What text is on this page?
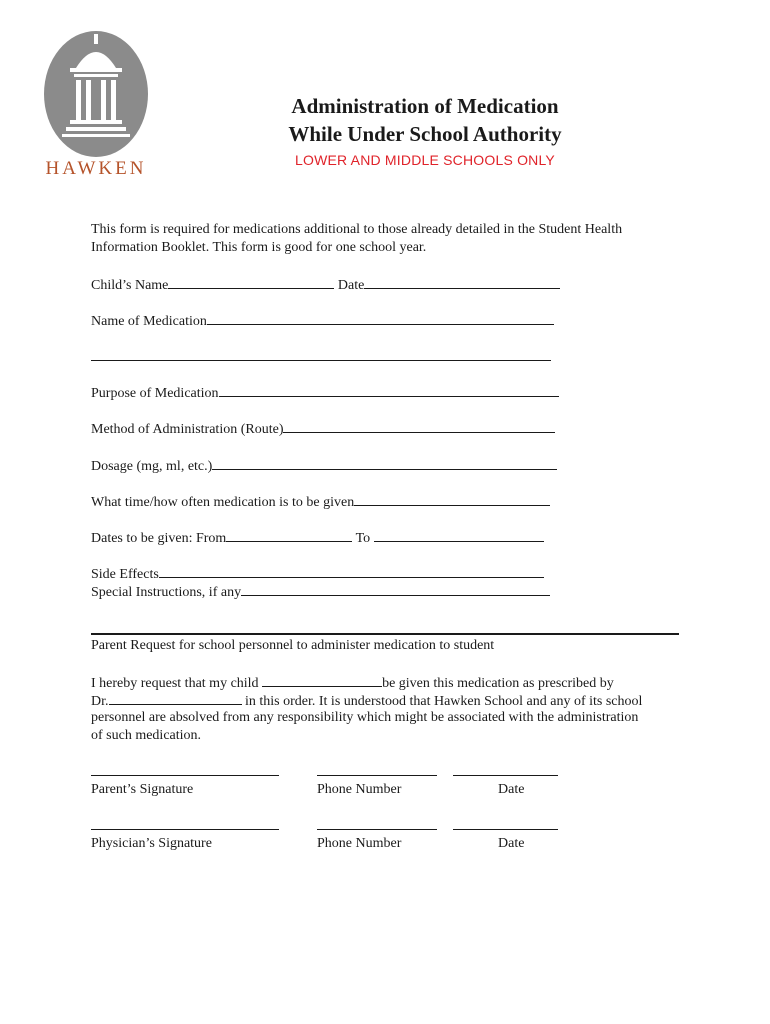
HAWKEN
Administration of Medication
While Under School Authority
LOWER AND MIDDLE SCHOOLS ONLY
This form is required for medications additional to those already detailed in the Student Health
Information Booklet. This form is good for one school year.
Child’s Name	Date
Name of Medication
Purpose of Medication
Method of Administration (Route)
Dosage (mg, ml, etc.)
What time/how often medication is to be given
Dates to be given: From	To
Side Effects
Special Instructions, if any
Parent Request for school personnel to administer medication to student
I hereby request that my child	be given this medication as prescribed by
Dr.	in this order. It is understood that Hawken School and any of its school
personnel are absolved from any responsibility which might be associated with the administration
of such medication.
Parent’s Signature	Phone Number	Date
Physician’s Signature	Phone Number	Date
